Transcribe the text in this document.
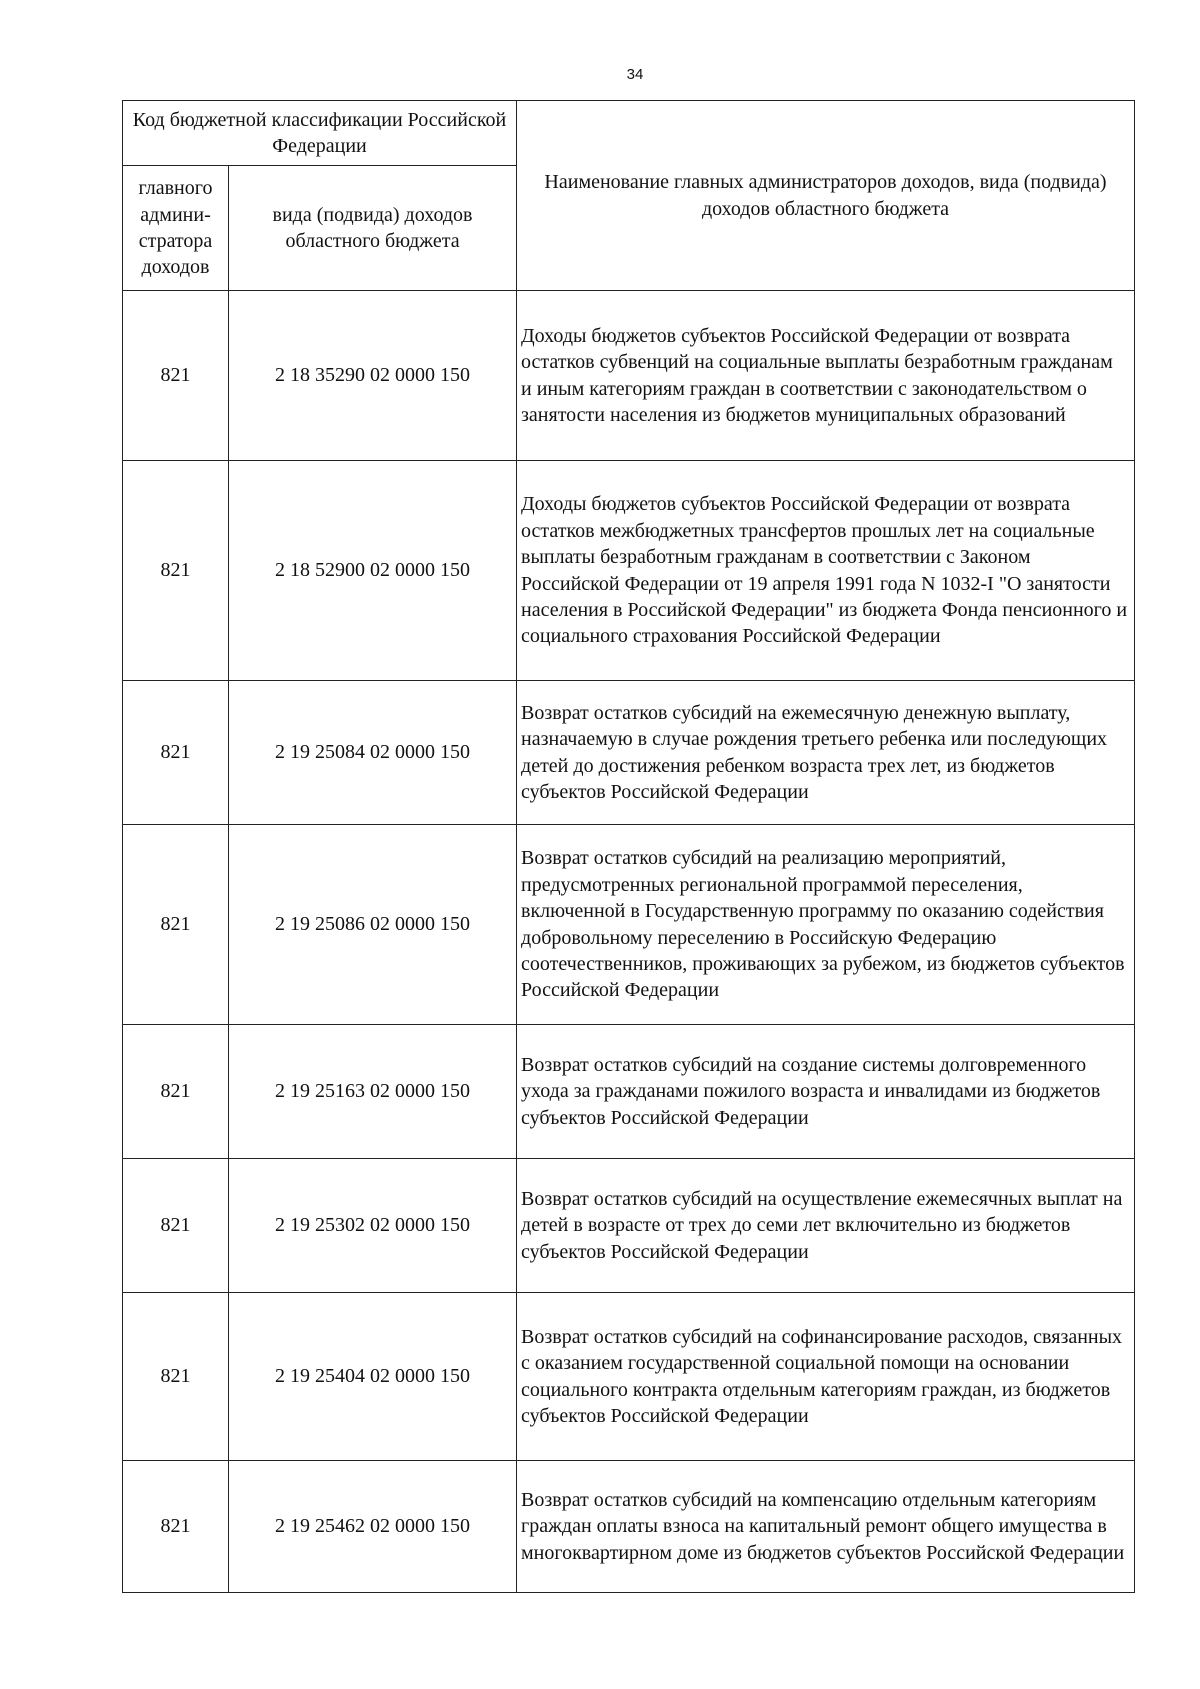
34
Код бюджетной классификации Российской Федерации		Наименование главных администраторов доходов, вида (подвида) доходов областного бюджета
главного админи-стратора доходов	вида (подвида) доходов областного бюджета	
821	2 18 35290 02 0000 150	Доходы бюджетов субъектов Российской Федерации от возврата остатков субвенций на социальные выплаты безработным гражданам и иным категориям граждан в соответствии с законодательством о занятости населения из бюджетов муниципальных образований
821	2 18 52900 02 0000 150	Доходы бюджетов субъектов Российской Федерации от возврата остатков межбюджетных трансфертов прошлых лет на социальные выплаты безработным гражданам в соответствии с Законом Российской Федерации от 19 апреля 1991 года N 1032-I "О занятости населения в Российской Федерации" из бюджета Фонда пенсионного и социального страхования Российской Федерации
821	2 19 25084 02 0000 150	Возврат остатков субсидий на ежемесячную денежную выплату, назначаемую в случае рождения третьего ребенка или последующих детей до достижения ребенком возраста трех лет, из бюджетов субъектов Российской Федерации
821	2 19 25086 02 0000 150	Возврат остатков субсидий на реализацию мероприятий, предусмотренных региональной программой переселения, включенной в Государственную программу по оказанию содействия добровольному переселению в Российскую Федерацию соотечественников, проживающих за рубежом, из бюджетов субъектов Российской Федерации
821	2 19 25163 02 0000 150	Возврат остатков субсидий на создание системы долговременного ухода за гражданами пожилого возраста и инвалидами из бюджетов субъектов Российской Федерации
821	2 19 25302 02 0000 150	Возврат остатков субсидий на осуществление ежемесячных выплат на детей в возрасте от трех до семи лет включительно из бюджетов субъектов Российской Федерации
821	2 19 25404 02 0000 150	Возврат остатков субсидий на софинансирование расходов, связанных с оказанием государственной социальной помощи на основании социального контракта отдельным категориям граждан, из бюджетов субъектов Российской Федерации
821	2 19 25462 02 0000 150	Возврат остатков субсидий на компенсацию отдельным категориям граждан оплаты взноса на капитальный ремонт общего имущества в многоквартирном доме из бюджетов субъектов Российской Федерации
